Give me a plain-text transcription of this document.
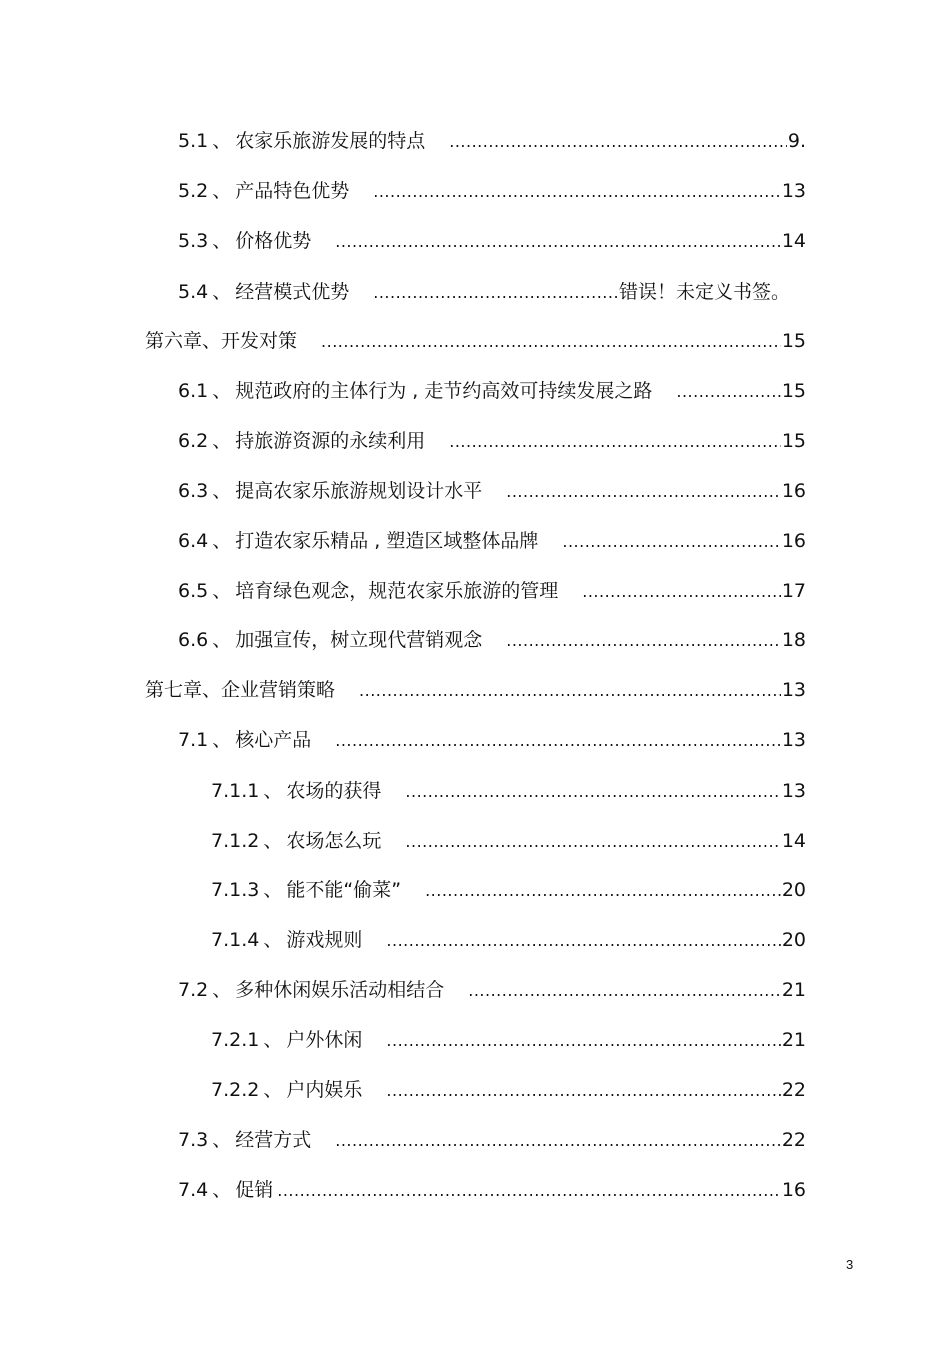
5.1 、 农家乐旅游发展的特点 .....	9.
5.2 、 产品特色优势 .....	13
5.3 、 价格优势 .....	14
5.4 、 经营模式优势 .....	错误！未定义书签。
第六章、开发对策 .....	15
6.1 、 规范政府的主体行为 , 走节约高效可持续发展之路 .....	15
6.2 、 持旅游资源的永续利用 .....	15
6.3 、 提高农家乐旅游规划设计水平 .....	16
6.4 、 打造农家乐精品 , 塑造区域整体品牌 .....	16
6.5 、 培育绿色观念，规范农家乐旅游的管理 .....	17
6.6 、 加强宣传，树立现代营销观念 .....	18
第七章、企业营销策略 .....	13
7.1 、 核心产品 .....	13
7.1.1 、 农场的获得 .....	13
7.1.2 、 农场怎么玩 .....	14
7.1.3 、 能不能“偷菜” .....	20
7.1.4 、 游戏规则 .....	20
7.2 、 多种休闲娱乐活动相结合 .....	21
7.2.1 、 户外休闲 .....	21
7.2.2 、 户内娱乐 .....	22
7.3 、 经营方式 .....	22
7.4 、 促销 .....	16
3
